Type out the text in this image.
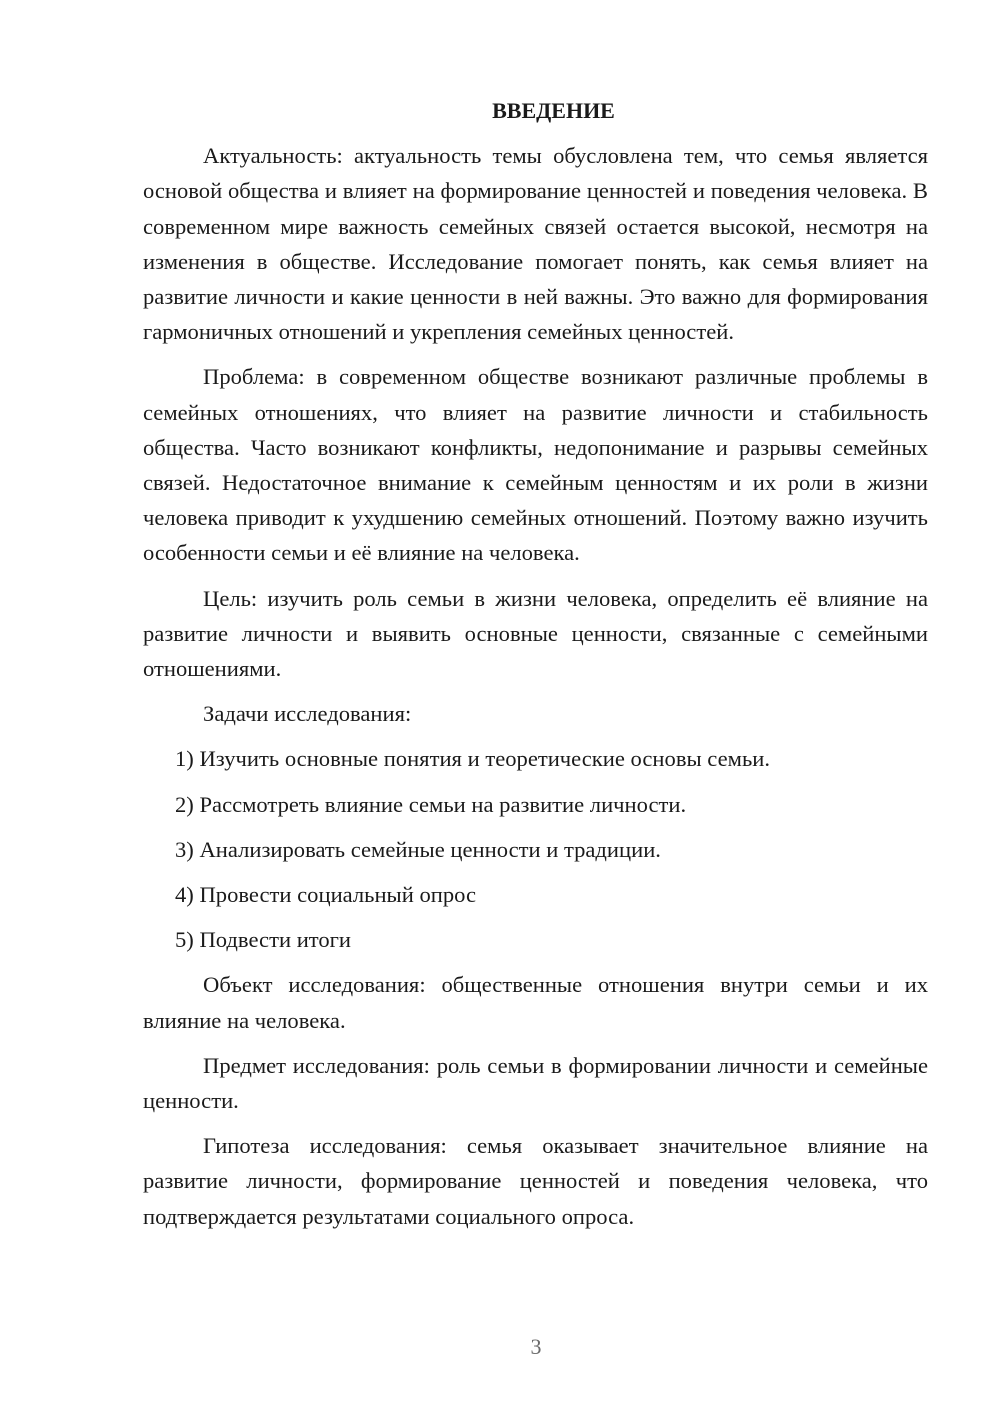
ВВЕДЕНИЕ

Актуальность: актуальность темы обусловлена тем, что семья является основой общества и влияет на формирование ценностей и поведения человека. В современном мире важность семейных связей остается высокой, несмотря на изменения в обществе. Исследование помогает понять, как семья влияет на развитие личности и какие ценности в ней важны. Это важно для формирования гармоничных отношений и укрепления семейных ценностей.

Проблема: в современном обществе возникают различные проблемы в семейных отношениях, что влияет на развитие личности и стабильность общества. Часто возникают конфликты, недопонимание и разрывы семейных связей. Недостаточное внимание к семейным ценностям и их роли в жизни человека приводит к ухудшению семейных отношений. Поэтому важно изучить особенности семьи и её влияние на человека.

Цель: изучить роль семьи в жизни человека, определить её влияние на развитие личности и выявить основные ценности, связанные с семейными отношениями.

Задачи исследования:

1) Изучить основные понятия и теоретические основы семьи.

2) Рассмотреть влияние семьи на развитие личности.

3) Анализировать семейные ценности и традиции.

4) Провести социальный опрос

5) Подвести итоги

Объект исследования: общественные отношения внутри семьи и их влияние на человека.

Предмет исследования: роль семьи в формировании личности и семейные ценности.

Гипотеза исследования: семья оказывает значительное влияние на развитие личности, формирование ценностей и поведения человека, что подтверждается результатами социального опроса.

3
